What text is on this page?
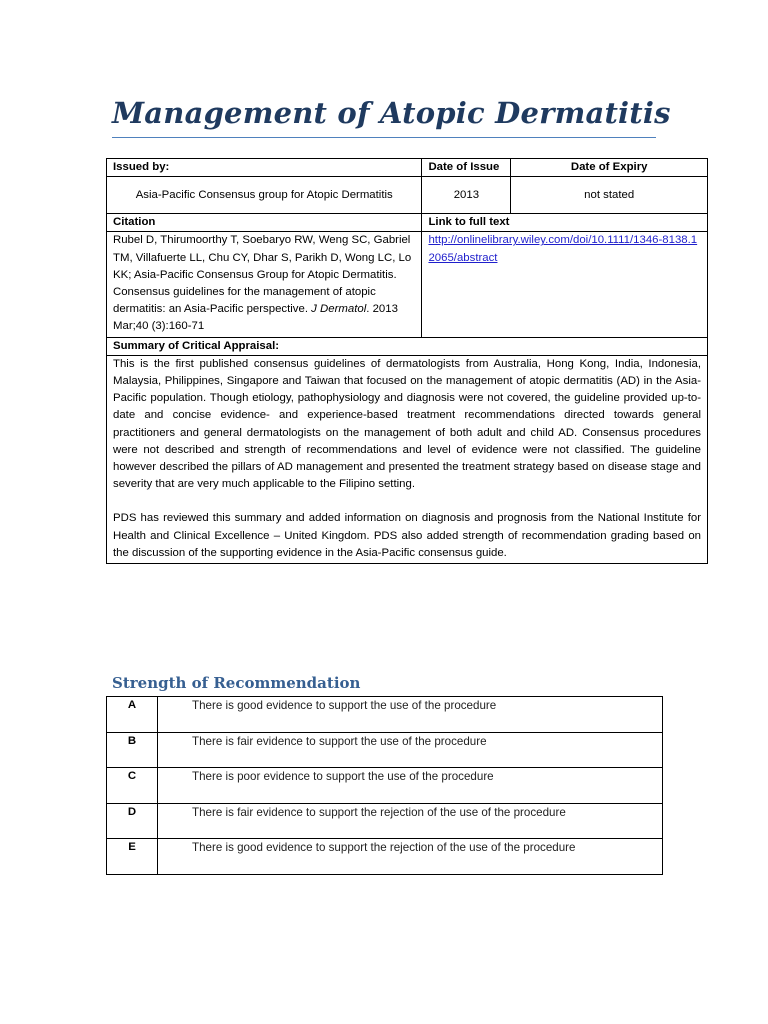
Management of Atopic Dermatitis
Issued by:	Date of Issue	Date of Expiry
Asia-Pacific Consensus group for Atopic Dermatitis	2013	not stated
Citation	Link to full text	
Rubel D, Thirumoorthy T, Soebaryo RW, Weng SC, Gabriel TM, Villafuerte LL, Chu CY, Dhar S, Parikh D, Wong LC, Lo KK; Asia-Pacific Consensus Group for Atopic Dermatitis. Consensus guidelines for the management of atopic dermatitis: an Asia-Pacific perspective. J Dermatol. 2013 Mar;40 (3):160-71	http://onlinelibrary.wiley.com/doi/10.1111/1346-8138.12065/abstract	
Summary of Critical Appraisal:		

This is the first published consensus guidelines of dermatologists from Australia, Hong Kong, India, Indonesia, Malaysia, Philippines, Singapore and Taiwan that focused on the management of atopic dermatitis (AD) in the Asia-Pacific population. Though etiology, pathophysiology and diagnosis were not covered, the guideline provided up-to-date and concise evidence- and experience-based treatment recommendations directed towards general practitioners and general dermatologists on the management of both adult and child AD. Consensus procedures were not described and strength of recommendations and level of evidence were not classified. The guideline however described the pillars of AD management and presented the treatment strategy based on disease stage and severity that are very much applicable to the Filipino setting.
PDS has reviewed this summary and added information on diagnosis and prognosis from the National Institute for Health and Clinical Excellence – United Kingdom. PDS also added strength of recommendation grading based on the discussion of the supporting evidence in the Asia-Pacific consensus guide.		
Strength of Recommendation
A	There is good evidence to support the use of the procedure
B	There is fair evidence to support the use of the procedure
C	There is poor evidence to support the use of the procedure
D	There is fair evidence to support the rejection of the use of the procedure
E	There is good evidence to support the rejection of the use of the procedure
